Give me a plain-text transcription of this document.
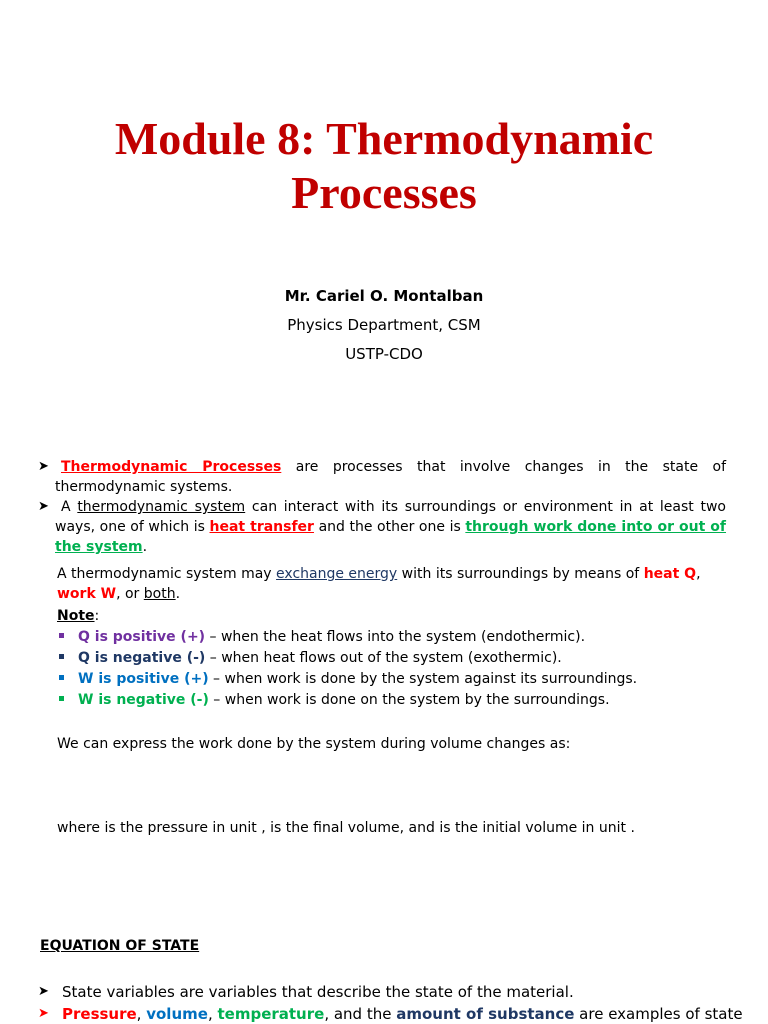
Module 8: Thermodynamic
Processes
Mr. Cariel O. Montalban
Physics Department, CSM
USTP-CDO
➤ Thermodynamic Processes are processes that involve changes in the state of thermodynamic systems.
➤ A thermodynamic system can interact with its surroundings or environment in at least two ways, one of which is heat transfer and the other one is through work done into or out of the system.
A thermodynamic system may exchange energy with its surroundings by means of heat Q, work W, or both.
Note:
Q is positive (+) – when the heat flows into the system (endothermic).
Q is negative (-) – when heat flows out of the system (exothermic).
W is positive (+) – when work is done by the system against its surroundings.
W is negative (-) – when work is done on the system by the surroundings.
We can express the work done by the system during volume changes as:
where is the pressure in unit , is the final volume, and is the initial volume in unit .
EQUATION OF STATE
➤ State variables are variables that describe the state of the material.
➤ Pressure, volume, temperature, and the amount of substance are examples of state
